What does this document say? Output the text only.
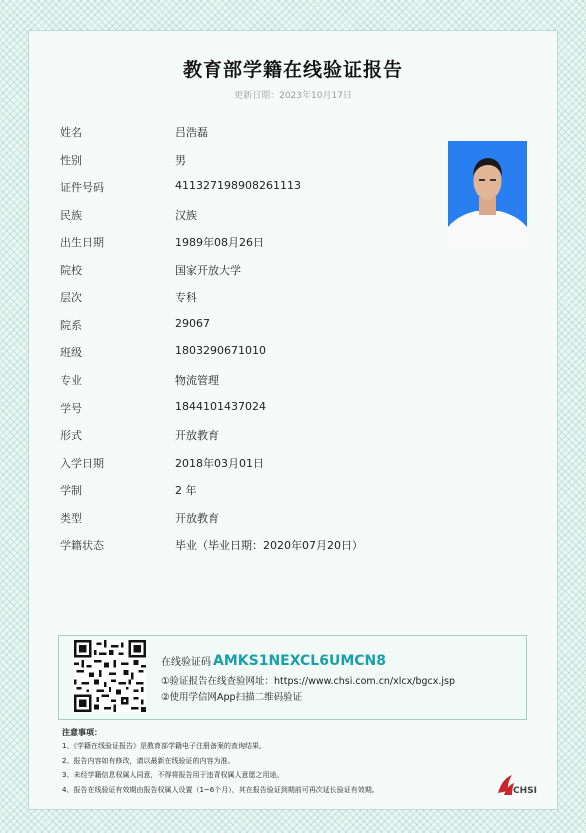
教育部学籍在线验证报告
更新日期：2023年10月17日
姓名	吕浩磊
性别	男
证件号码	411327198908261113
民族	汉族
出生日期	1989年08月26日
院校	国家开放大学
层次	专科
院系	29067
班级	1803290671010
专业	物流管理
学号	1844101437024
形式	开放教育
入学日期	2018年03月01日
学制	2 年
类型	开放教育
学籍状态	毕业（毕业日期：2020年07月20日）
在线验证码 AMKS1NEXCL6UMCN8
①验证报告在线查验网址：https://www.chsi.com.cn/xlcx/bgcx.jsp
②使用学信网App扫描二维码验证
注意事项：
1、《学籍在线验证报告》是教育部学籍电子注册备案的查询结果。
2、报告内容如有修改，请以最新在线验证的内容为准。
3、未经学籍信息权属人同意，不得将报告用于违背权属人意愿之用途。
4、报告在线验证有效期由报告权属人设置（1~6个月），其在报告验证到期前可再次延长验证有效期。	CHSI
